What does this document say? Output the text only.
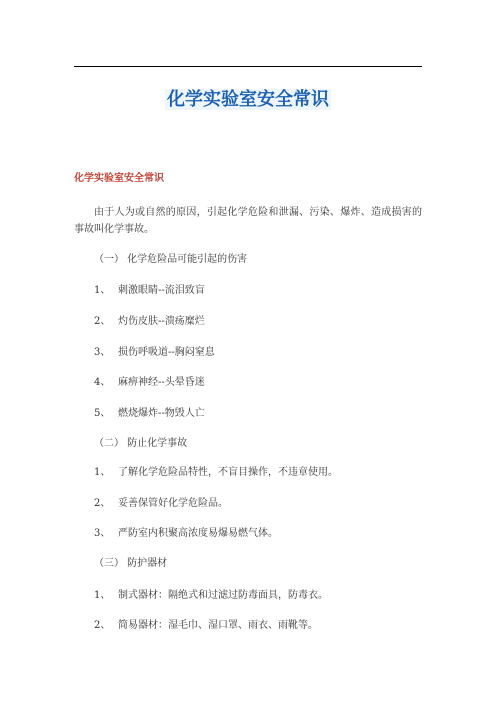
化学实验室安全常识
化学实验室安全常识
由于人为或自然的原因，引起化学危险和泄漏、污染、爆炸、造成损害的事故叫化学事故。
（一） 化学危险品可能引起的伤害
1、 刺激眼睛--流泪致盲
2、 灼伤皮肤--溃疡糜烂
3、 损伤呼吸道--胸闷窒息
4、 麻痹神经--头晕昏迷
5、 燃烧爆炸--物毁人亡
（二） 防止化学事故
1、 了解化学危险品特性，不盲目操作，不违章使用。
2、 妥善保管好化学危险品。
3、 严防室内积聚高浓度易爆易燃气体。
（三） 防护器材
1、 制式器材：隔绝式和过滤过防毒面具，防毒衣。
2、 简易器材：湿毛巾、湿口罩、雨衣、雨靴等。
